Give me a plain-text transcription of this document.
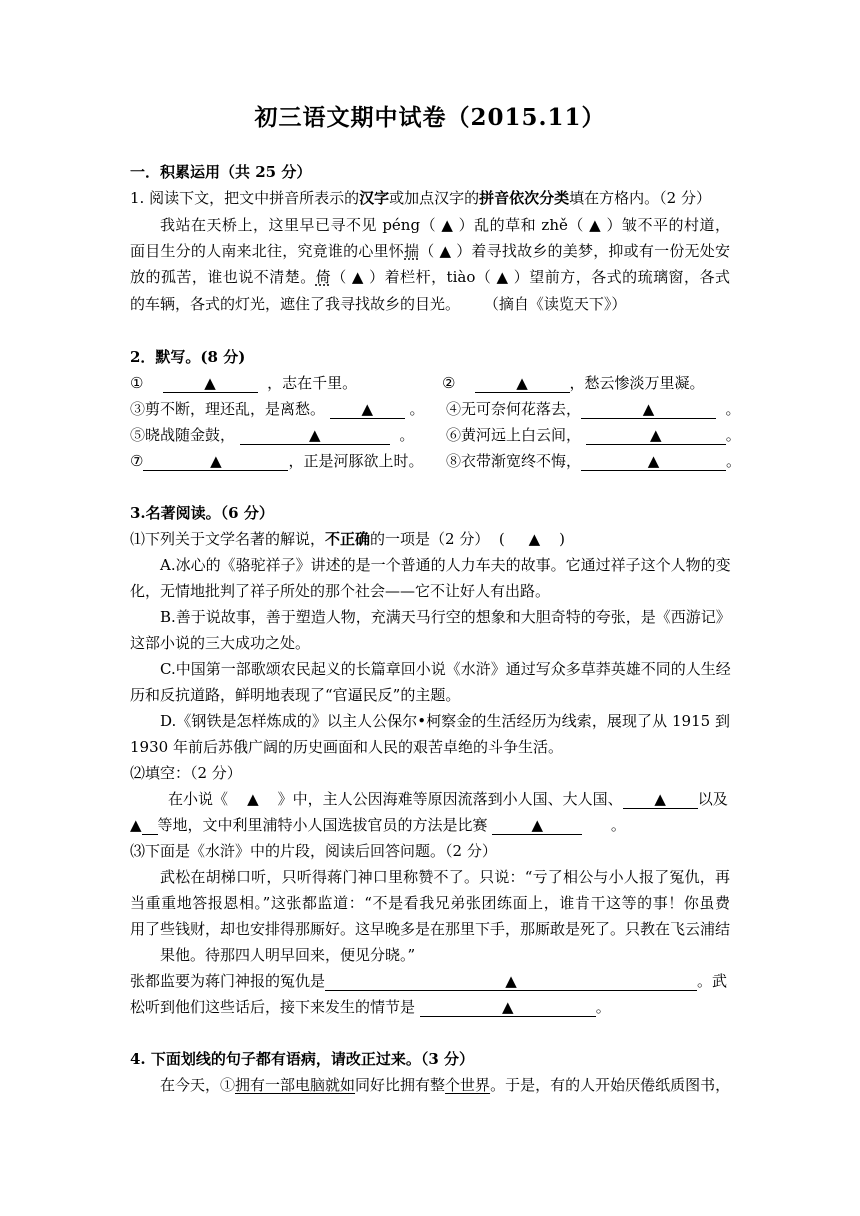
初三语文期中试卷（2015.11）
一．积累运用（共 25 分）
1. 阅读下文，把文中拼音所表示的汉字或加点汉字的拼音依次分类填在方格内。（2 分）
我站在天桥上，这里早已寻不见 péng（ ▲ ）乱的草和 zhě（ ▲ ）皱不平的村道，
面目生分的人南来北往，究竟谁的心里怀揣（ ▲ ）着寻找故乡的美梦，抑或有一份无处安
放的孤苦，谁也说不清楚。倚（ ▲ ）着栏杆，tiào（ ▲ ）望前方，各式的琉璃窗，各式
的车辆，各式的灯光，遮住了我寻找故乡的目光。     （摘自《读览天下》）
2．默写。(8 分)
①	▲	，志在千里。	②	▲	，愁云惨淡万里凝。
③剪不断，理还乱，是离愁。 ▲ 。 ④无可奈何花落去，	▲	。
⑤晓战随金鼓，	▲	。 ⑥黄河远上白云间，	▲	。
⑦	▲	，正是河豚欲上时。 ⑧衣带渐宽终不悔，	▲	。
3.名著阅读。（6 分）
⑴下列关于文学名著的解说，不正确的一项是（2 分）  (     ▲    )
A.冰心的《骆驼祥子》讲述的是一个普通的人力车夫的故事。它通过祥子这个人物的变
化，无情地批判了祥子所处的那个社会——它不让好人有出路。
B.善于说故事，善于塑造人物，充满天马行空的想象和大胆奇特的夸张，是《西游记》
这部小说的三大成功之处。
C.中国第一部歌颂农民起义的长篇章回小说《水浒》通过写众多草莽英雄不同的人生经
历和反抗道路，鲜明地表现了“官逼民反”的主题。
D.《钢铁是怎样炼成的》以主人公保尔•柯察金的生活经历为线索，展现了从 1915 到
1930 年前后苏俄广阔的历史画面和人民的艰苦卓绝的斗争生活。
⑵填空：（2 分）
在小说《    ▲    》中，主人公因海难等原因流落到小人国、大人国、 ▲ 以及
▲ 等地，文中利里浦特小人国选拔官员的方法是比赛	▲	。
⑶下面是《水浒》中的片段，阅读后回答问题。（2 分）
武松在胡梯口听，只听得蒋门神口里称赞不了。只说：“亏了相公与小人报了冤仇，再
当重重地答报恩相。”这张都监道：“不是看我兄弟张团练面上，谁肯干这等的事！你虽费
用了些钱财，却也安排得那厮好。这早晚多是在那里下手，那厮敢是死了。只教在飞云浦结
果他。待那四人明早回来，便见分晓。”
张都监要为蒋门神报的冤仇是	▲	。武
松听到他们这些话后，接下来发生的情节是	▲	。
4. 下面划线的句子都有语病，请改正过来。（3 分）
在今天，①拥有一部电脑就如同好比拥有整个世界。于是，有的人开始厌倦纸质图书，
